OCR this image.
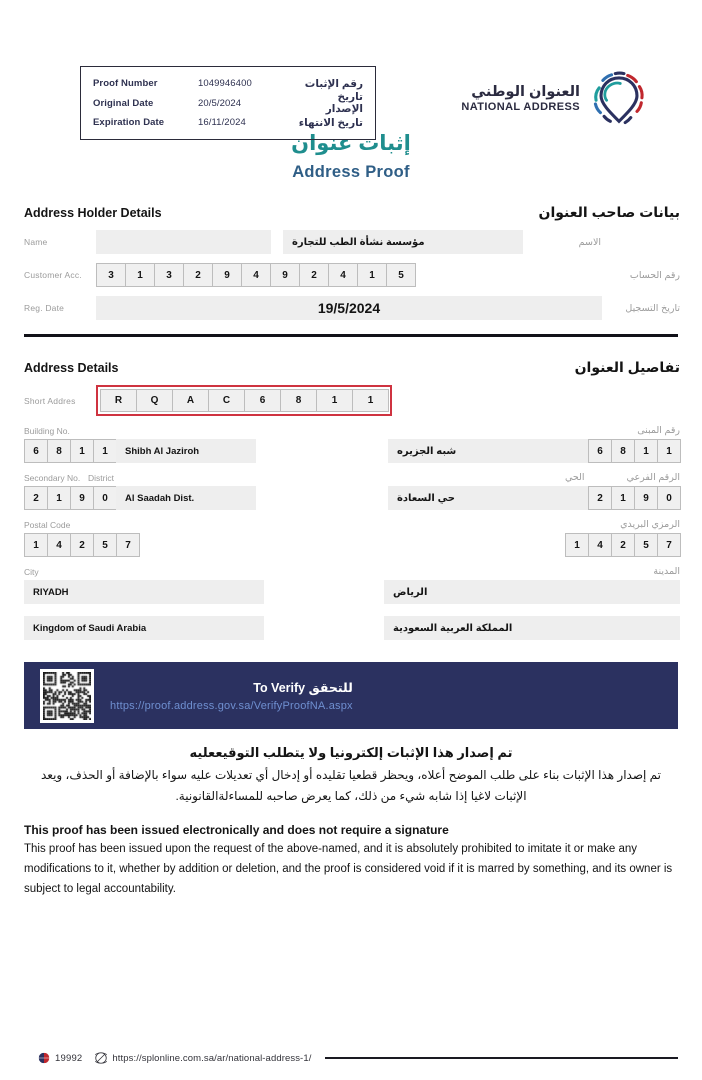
Proof Number	1049946400	رقم الإثبات
Original Date	20/5/2024	تاريخ الإصدار
Expiration Date	16/11/2024	تاريخ الانتهاء
العنوان الوطني
NATIONAL ADDRESS
إثبات عنوان
Address Proof
Address Holder Details	بيانات صاحب العنوان
Name	مؤسسة نشأة الطب للتجارة	الاسم
Customer Acc.	3	1	3	2	9	4	9	2	4	1	5	رقم الحساب
Reg. Date	19/5/2024	تاريخ التسجيل
Address Details	تفاصيل العنوان
Short Addres	R	Q	A	C	6	8	1	1
Building No.	رقم المبنى
6	8	1	1	Shibh Al Jaziroh	شبه الجزيره	6	8	1	1
Secondary No. District	الحي	الرقم الفرعي
2	1	9	0	Al Saadah Dist.	حي السعادة	2	1	9	0
Postal Code	الرمزي البريدي
1	4	2	5	7	1	4	2	5	7
City	المدينة
RIYADH	الرياض
Kingdom of Saudi Arabia	المملكة العربية السعودية
للتحقق To Verify
https://proof.address.gov.sa/VerifyProofNA.aspx
تم إصدار هذا الإثبات إلكترونيا ولا يتطلب التوقيععليه
تم إصدار هذا الإثبات بناء على طلب الموضح أعلاه، ويحظر قطعيا تقليده أو إدخال أي تعديلات عليه سواء بالإضافة أو الحذف، ويعد الإثبات لاغيا إذا شابه شيء من ذلك، كما يعرض صاحبه للمساءلةالقانونية.
This proof has been issued electronically and does not require a signature
This proof has been issued upon the request of the above-named, and it is absolutely prohibited to imitate it or make any modifications to it, whether by addition or deletion, and the proof is considered void if it is marred by something, and its owner is subject to legal accountability.
19992	https://splonline.com.sa/ar/national-address-1/
